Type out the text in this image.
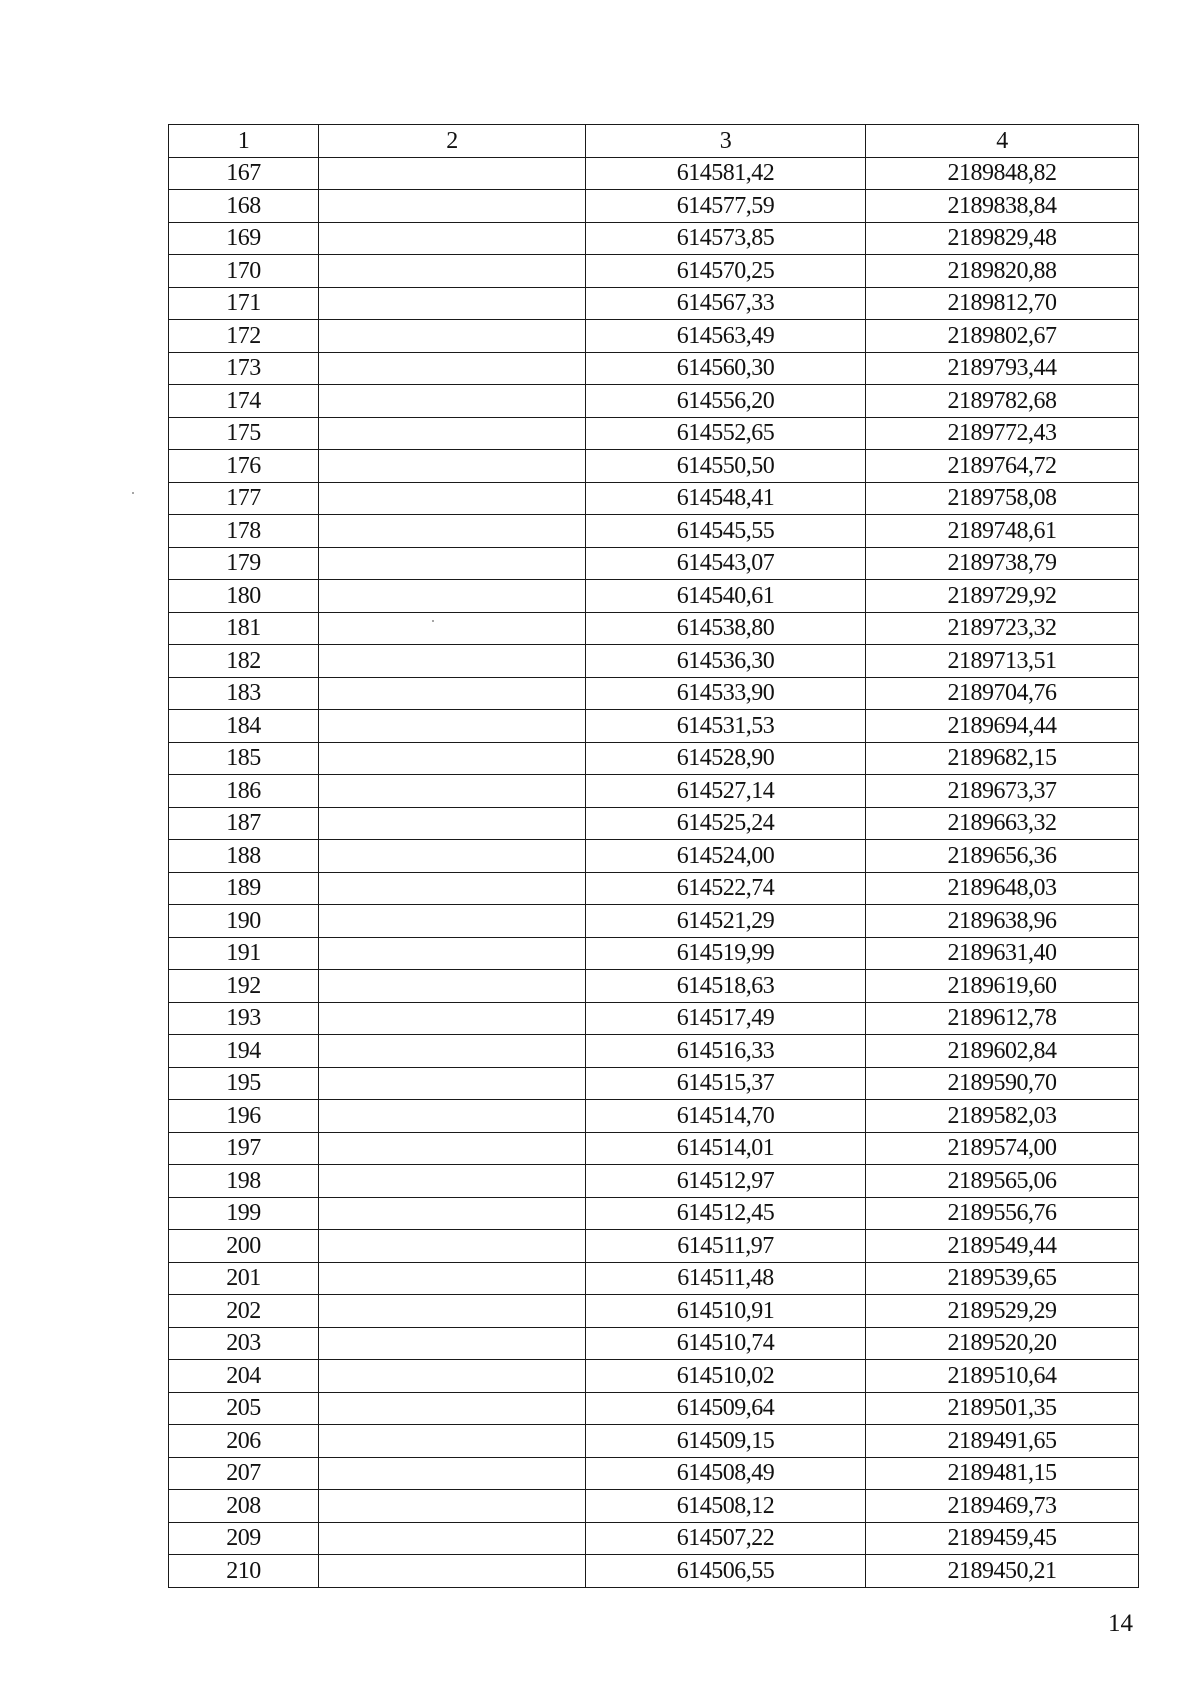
1	2	3	4
167		614581,42	2189848,82
168		614577,59	2189838,84
169		614573,85	2189829,48
170		614570,25	2189820,88
171		614567,33	2189812,70
172		614563,49	2189802,67
173		614560,30	2189793,44
174		614556,20	2189782,68
175		614552,65	2189772,43
176		614550,50	2189764,72
177		614548,41	2189758,08
178		614545,55	2189748,61
179		614543,07	2189738,79
180		614540,61	2189729,92
181		614538,80	2189723,32
182		614536,30	2189713,51
183		614533,90	2189704,76
184		614531,53	2189694,44
185		614528,90	2189682,15
186		614527,14	2189673,37
187		614525,24	2189663,32
188		614524,00	2189656,36
189		614522,74	2189648,03
190		614521,29	2189638,96
191		614519,99	2189631,40
192		614518,63	2189619,60
193		614517,49	2189612,78
194		614516,33	2189602,84
195		614515,37	2189590,70
196		614514,70	2189582,03
197		614514,01	2189574,00
198		614512,97	2189565,06
199		614512,45	2189556,76
200		614511,97	2189549,44
201		614511,48	2189539,65
202		614510,91	2189529,29
203		614510,74	2189520,20
204		614510,02	2189510,64
205		614509,64	2189501,35
206		614509,15	2189491,65
207		614508,49	2189481,15
208		614508,12	2189469,73
209		614507,22	2189459,45
210		614506,55	2189450,21
14
